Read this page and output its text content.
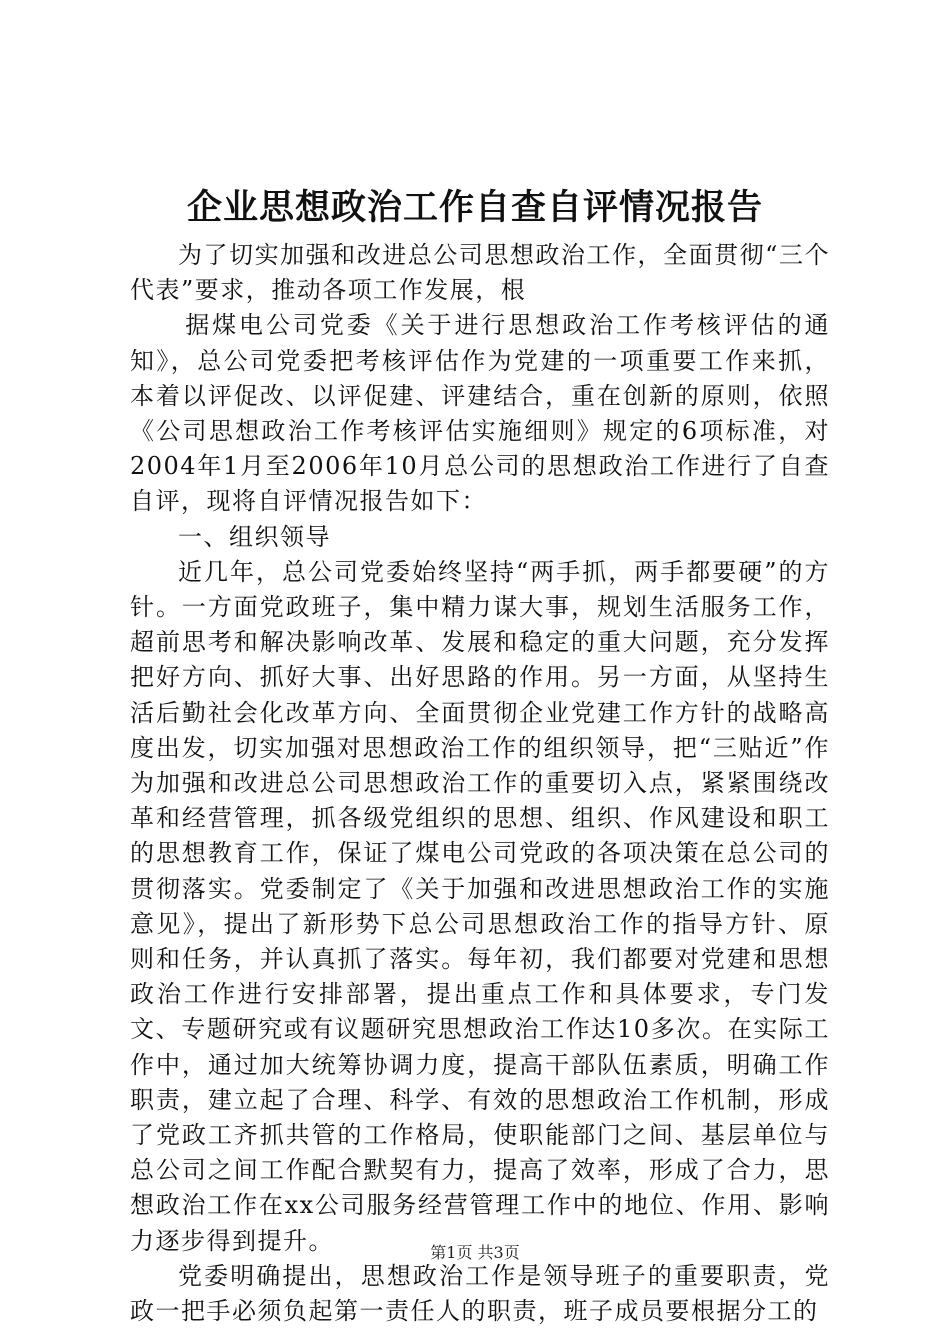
企业思想政治工作自查自评情况报告

为了切实加强和改进总公司思想政治工作，全面贯彻“三个代表”要求，推动各项工作发展，根

据煤电公司党委《关于进行思想政治工作考核评估的通知》，总公司党委把考核评估作为党建的一项重要工作来抓，本着以评促改、以评促建、评建结合，重在创新的原则，依照《公司思想政治工作考核评估实施细则》规定的6项标准，对2004年1月至2006年10月总公司的思想政治工作进行了自查自评，现将自评情况报告如下：

一、组织领导

近几年，总公司党委始终坚持“两手抓，两手都要硬”的方针。一方面党政班子，集中精力谋大事，规划生活服务工作，超前思考和解决影响改革、发展和稳定的重大问题，充分发挥把好方向、抓好大事、出好思路的作用。另一方面，从坚持生活后勤社会化改革方向、全面贯彻企业党建工作方针的战略高度出发，切实加强对思想政治工作的组织领导，把“三贴近”作为加强和改进总公司思想政治工作的重要切入点，紧紧围绕改革和经营管理，抓各级党组织的思想、组织、作风建设和职工的思想教育工作，保证了煤电公司党政的各项决策在总公司的贯彻落实。党委制定了《关于加强和改进思想政治工作的实施意见》，提出了新形势下总公司思想政治工作的指导方针、原则和任务，并认真抓了落实。每年初，我们都要对党建和思想政治工作进行安排部署，提出重点工作和具体要求，专门发文、专题研究或有议题研究思想政治工作达10多次。在实际工作中，通过加大统筹协调力度，提高干部队伍素质，明确工作职责，建立起了合理、科学、有效的思想政治工作机制，形成了党政工齐抓共管的工作格局，使职能部门之间、基层单位与总公司之间工作配合默契有力，提高了效率，形成了合力，思想政治工作在xx公司服务经营管理工作中的地位、作用、影响力逐步得到提升。

党委明确提出，思想政治工作是领导班子的重要职责，党政一把手必须负起第一责任人的职责，班子成员要根据分工的

第1页 共3页
